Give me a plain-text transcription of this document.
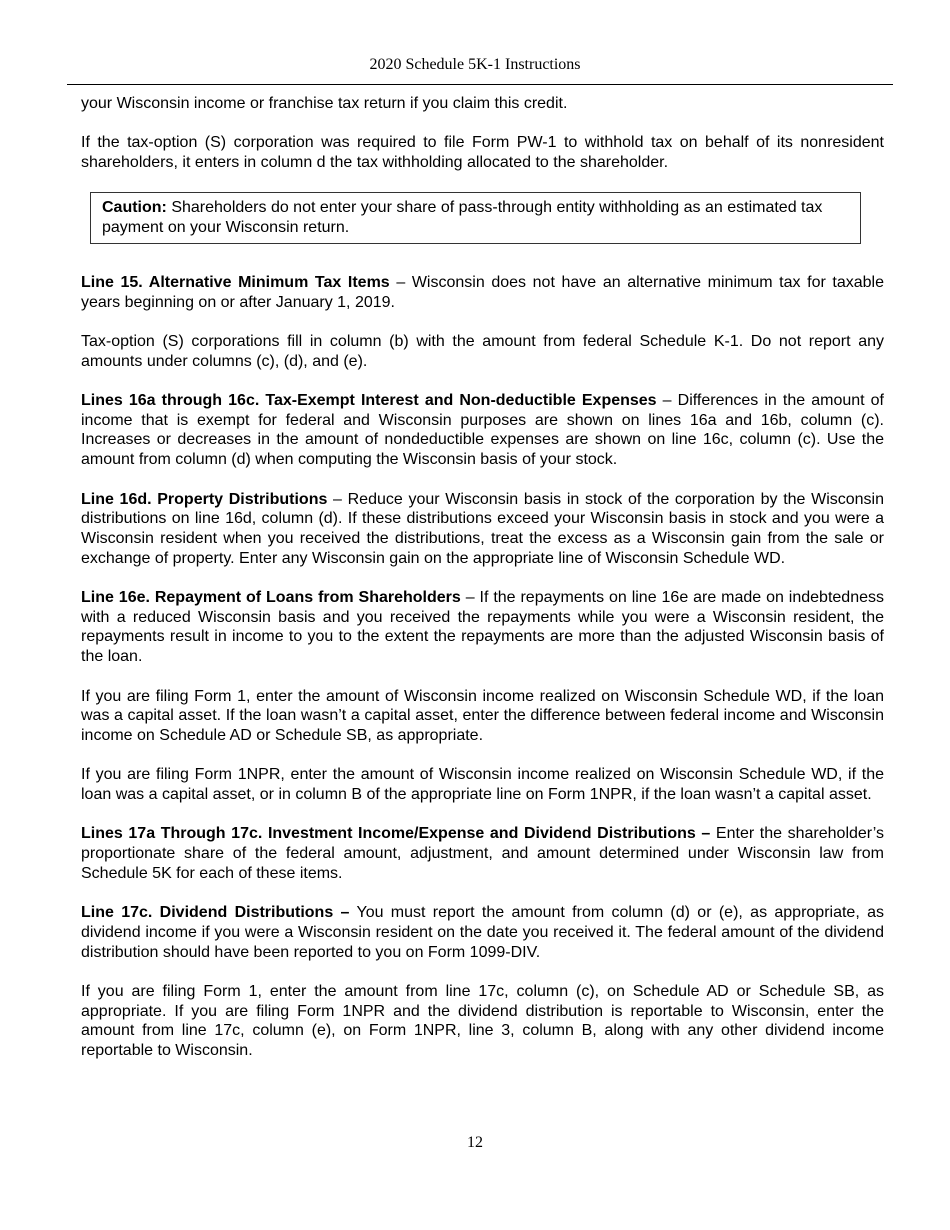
2020 Schedule 5K-1 Instructions

your Wisconsin income or franchise tax return if you claim this credit.

If the tax-option (S) corporation was required to file Form PW-1 to withhold tax on behalf of its nonresident shareholders, it enters in column d the tax withholding allocated to the shareholder.

Caution: Shareholders do not enter your share of pass-through entity withholding as an estimated tax payment on your Wisconsin return.

Line 15. Alternative Minimum Tax Items – Wisconsin does not have an alternative minimum tax for taxable years beginning on or after January 1, 2019.

Tax-option (S) corporations fill in column (b) with the amount from federal Schedule K-1. Do not report any amounts under columns (c), (d), and (e).

Lines 16a through 16c. Tax-Exempt Interest and Non-deductible Expenses – Differences in the amount of income that is exempt for federal and Wisconsin purposes are shown on lines 16a and 16b, column (c). Increases or decreases in the amount of nondeductible expenses are shown on line 16c, column (c). Use the amount from column (d) when computing the Wisconsin basis of your stock.

Line 16d. Property Distributions – Reduce your Wisconsin basis in stock of the corporation by the Wisconsin distributions on line 16d, column (d). If these distributions exceed your Wisconsin basis in stock and you were a Wisconsin resident when you received the distributions, treat the excess as a Wisconsin gain from the sale or exchange of property. Enter any Wisconsin gain on the appropriate line of Wisconsin Schedule WD.

Line 16e. Repayment of Loans from Shareholders – If the repayments on line 16e are made on indebtedness with a reduced Wisconsin basis and you received the repayments while you were a Wisconsin resident, the repayments result in income to you to the extent the repayments are more than the adjusted Wisconsin basis of the loan.

If you are filing Form 1, enter the amount of Wisconsin income realized on Wisconsin Schedule WD, if the loan was a capital asset. If the loan wasn’t a capital asset, enter the difference between federal income and Wisconsin income on Schedule AD or Schedule SB, as appropriate.

If you are filing Form 1NPR, enter the amount of Wisconsin income realized on Wisconsin Schedule WD, if the loan was a capital asset, or in column B of the appropriate line on Form 1NPR, if the loan wasn’t a capital asset.

Lines 17a Through 17c. Investment Income/Expense and Dividend Distributions – Enter the shareholder’s proportionate share of the federal amount, adjustment, and amount determined under Wisconsin law from Schedule 5K for each of these items.

Line 17c. Dividend Distributions – You must report the amount from column (d) or (e), as appropriate, as dividend income if you were a Wisconsin resident on the date you received it. The federal amount of the dividend distribution should have been reported to you on Form 1099-DIV.

If you are filing Form 1, enter the amount from line 17c, column (c), on Schedule AD or Schedule SB, as appropriate. If you are filing Form 1NPR and the dividend distribution is reportable to Wisconsin, enter the amount from line 17c, column (e), on Form 1NPR, line 3, column B, along with any other dividend income reportable to Wisconsin.

12
